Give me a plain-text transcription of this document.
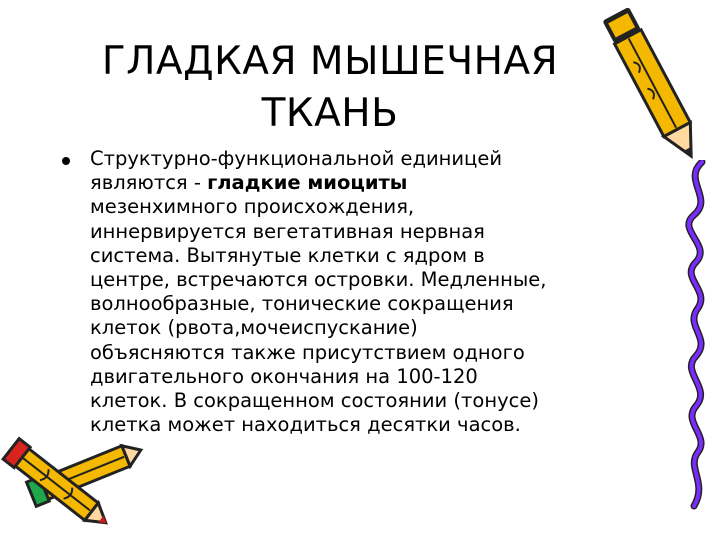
ГЛАДКАЯ МЫШЕЧНАЯ
ТКАНЬ
Структурно-функциональной единицей
являются - гладкие миоциты
мезенхимного происхождения,
иннервируется вегетативная нервная
система. Вытянутые клетки с ядром в
центре, встречаются островки. Медленные,
волнообразные, тонические сокращения
клеток (рвота,мочеиспускание)
объясняются также присутствием одного
двигательного окончания на 100-120
клеток. В сокращенном состоянии (тонусе)
клетка может находиться десятки часов.
